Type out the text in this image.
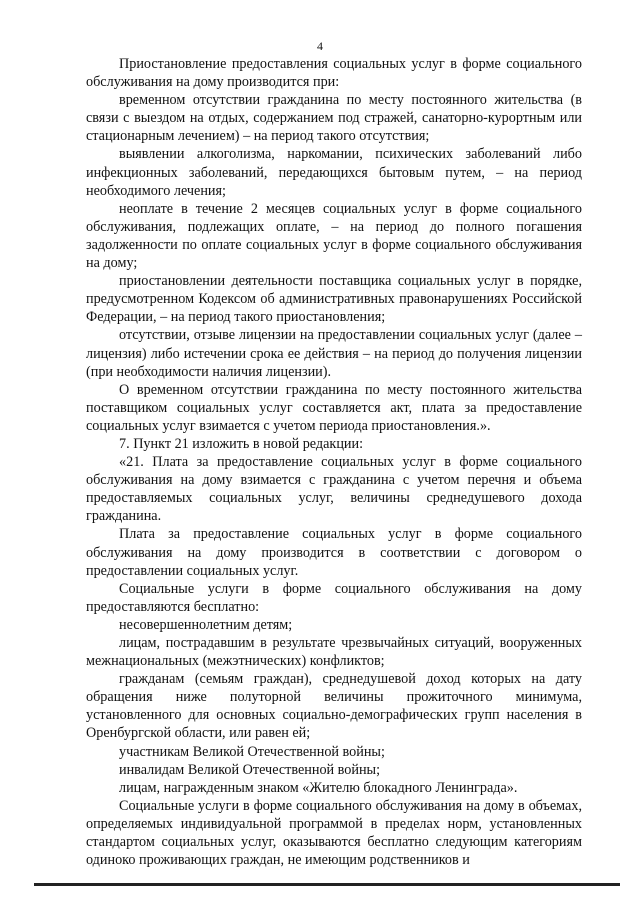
4

Приостановление предоставления социальных услуг в форме социального обслуживания на дому производится при:

временном отсутствии гражданина по месту постоянного жительства (в связи с выездом на отдых, содержанием под стражей, санаторно-курортным или стационарным лечением) – на период такого отсутствия;

выявлении алкоголизма, наркомании, психических заболеваний либо инфекционных заболеваний, передающихся бытовым путем, – на период необходимого лечения;

неоплате в течение 2 месяцев социальных услуг в форме социального обслуживания, подлежащих оплате, – на период до полного погашения задолженности по оплате социальных услуг в форме социального обслуживания на дому;

приостановлении деятельности поставщика социальных услуг в порядке, предусмотренном Кодексом об административных правонарушениях Российской Федерации, – на период такого приостановления;

отсутствии, отзыве лицензии на предоставлении социальных услуг (далее – лицензия) либо истечении срока ее действия – на период до получения лицензии (при необходимости наличия лицензии).

О временном отсутствии гражданина по месту постоянного жительства поставщиком социальных услуг составляется акт, плата за предоставление социальных услуг взимается с учетом периода приостановления.».

7. Пункт 21 изложить в новой редакции:

«21. Плата за предоставление социальных услуг в форме социального обслуживания на дому взимается с гражданина с учетом перечня и объема предоставляемых социальных услуг, величины среднедушевого дохода гражданина.

Плата за предоставление социальных услуг в форме социального обслуживания на дому производится в соответствии с договором о предоставлении социальных услуг.

Социальные услуги в форме социального обслуживания на дому предоставляются бесплатно:

несовершеннолетним детям;

лицам, пострадавшим в результате чрезвычайных ситуаций, вооруженных межнациональных (межэтнических) конфликтов;

гражданам (семьям граждан), среднедушевой доход которых на дату обращения ниже полуторной величины прожиточного минимума, установленного для основных социально-демографических групп населения в Оренбургской области, или равен ей;

участникам Великой Отечественной войны;

инвалидам Великой Отечественной войны;

лицам, награжденным знаком «Жителю блокадного Ленинграда».

Социальные услуги в форме социального обслуживания на дому в объемах, определяемых индивидуальной программой в пределах норм, установленных стандартом социальных услуг, оказываются бесплатно следующим категориям одиноко проживающих граждан, не имеющим родственников и
